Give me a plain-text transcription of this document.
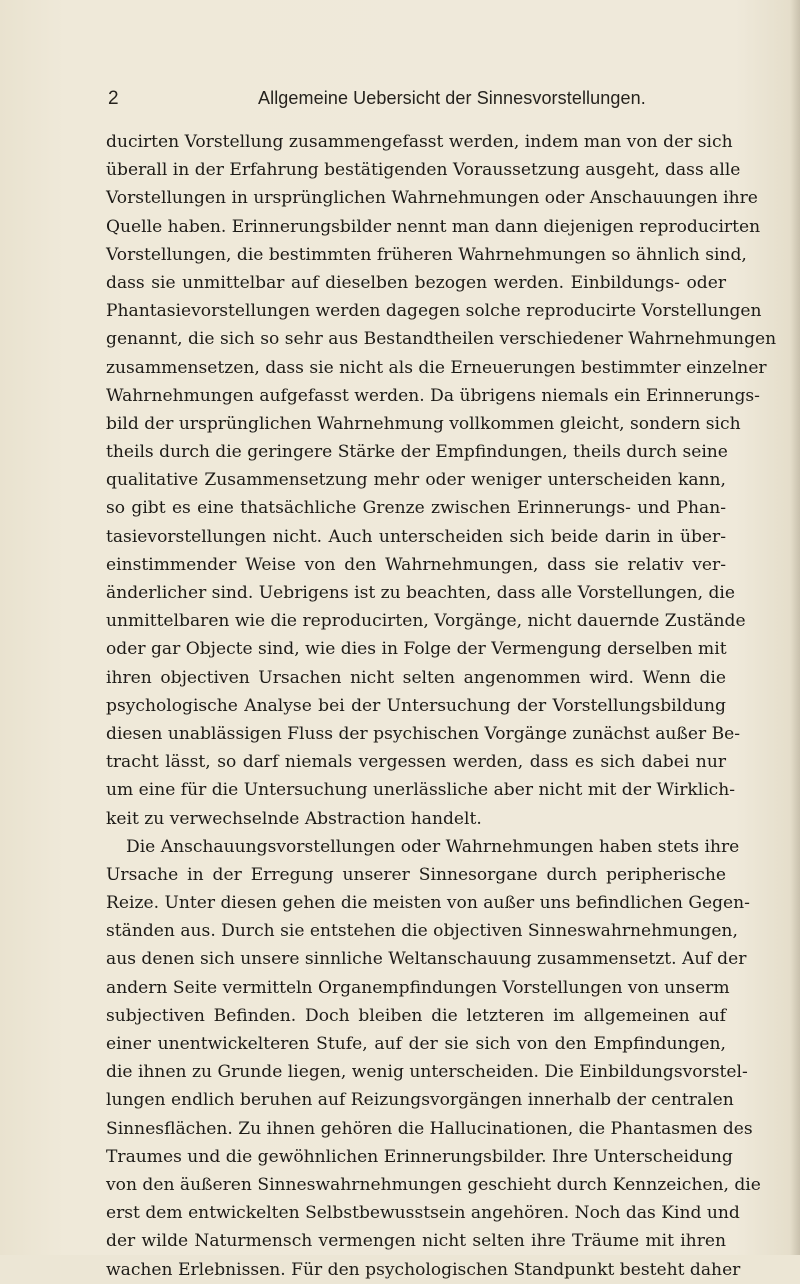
2	Allgemeine Uebersicht der Sinnesvorstellungen.
ducirten Vorstellung zusammengefasst werden, indem man von der sich
überall in der Erfahrung bestätigenden Voraussetzung ausgeht, dass alle
Vorstellungen in ursprünglichen Wahrnehmungen oder Anschauungen ihre
Quelle haben. Erinnerungsbilder nennt man dann diejenigen reproducirten
Vorstellungen, die bestimmten früheren Wahrnehmungen so ähnlich sind,
dass sie unmittelbar auf dieselben bezogen werden. Einbildungs- oder
Phantasievorstellungen werden dagegen solche reproducirte Vorstellungen
genannt, die sich so sehr aus Bestandtheilen verschiedener Wahrnehmungen
zusammensetzen, dass sie nicht als die Erneuerungen bestimmter einzelner
Wahrnehmungen aufgefasst werden. Da übrigens niemals ein Erinnerungs-
bild der ursprünglichen Wahrnehmung vollkommen gleicht, sondern sich
theils durch die geringere Stärke der Empfindungen, theils durch seine
qualitative Zusammensetzung mehr oder weniger unterscheiden kann,
so gibt es eine thatsächliche Grenze zwischen Erinnerungs- und Phan-
tasievorstellungen nicht. Auch unterscheiden sich beide darin in über-
einstimmender Weise von den Wahrnehmungen, dass sie relativ ver-
änderlicher sind. Uebrigens ist zu beachten, dass alle Vorstellungen, die
unmittelbaren wie die reproducirten, Vorgänge, nicht dauernde Zustände
oder gar Objecte sind, wie dies in Folge der Vermengung derselben mit
ihren objectiven Ursachen nicht selten angenommen wird. Wenn die
psychologische Analyse bei der Untersuchung der Vorstellungsbildung
diesen unablässigen Fluss der psychischen Vorgänge zunächst außer Be-
tracht lässt, so darf niemals vergessen werden, dass es sich dabei nur
um eine für die Untersuchung unerlässliche aber nicht mit der Wirklich-
keit zu verwechselnde Abstraction handelt.
Die Anschauungsvorstellungen oder Wahrnehmungen haben stets ihre
Ursache in der Erregung unserer Sinnesorgane durch peripherische
Reize. Unter diesen gehen die meisten von außer uns befindlichen Gegen-
ständen aus. Durch sie entstehen die objectiven Sinneswahrnehmungen,
aus denen sich unsere sinnliche Weltanschauung zusammensetzt. Auf der
andern Seite vermitteln Organempfindungen Vorstellungen von unserm
subjectiven Befinden. Doch bleiben die letzteren im allgemeinen auf
einer unentwickelteren Stufe, auf der sie sich von den Empfindungen,
die ihnen zu Grunde liegen, wenig unterscheiden. Die Einbildungsvorstel-
lungen endlich beruhen auf Reizungsvorgängen innerhalb der centralen
Sinnesflächen. Zu ihnen gehören die Hallucinationen, die Phantasmen des
Traumes und die gewöhnlichen Erinnerungsbilder. Ihre Unterscheidung
von den äußeren Sinneswahrnehmungen geschieht durch Kennzeichen, die
erst dem entwickelten Selbstbewusstsein angehören. Noch das Kind und
der wilde Naturmensch vermengen nicht selten ihre Träume mit ihren
wachen Erlebnissen. Für den psychologischen Standpunkt besteht daher
